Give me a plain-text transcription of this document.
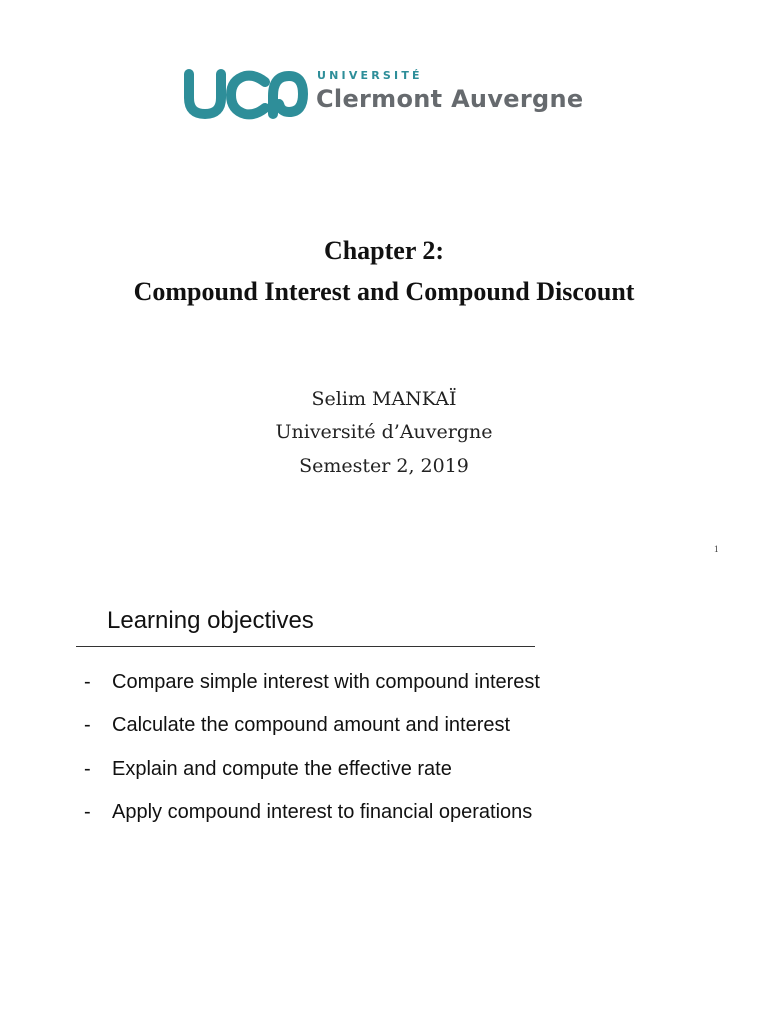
UNIVERSITÉ
Clermont Auvergne
Chapter 2:
Compound Interest and Compound Discount
Selim MANKAÏ
Université d’Auvergne
Semester 2, 2019
1
Learning objectives
- Compare simple interest with compound interest
- Calculate the compound amount and interest
- Explain and compute the effective rate
- Apply compound interest to financial operations
